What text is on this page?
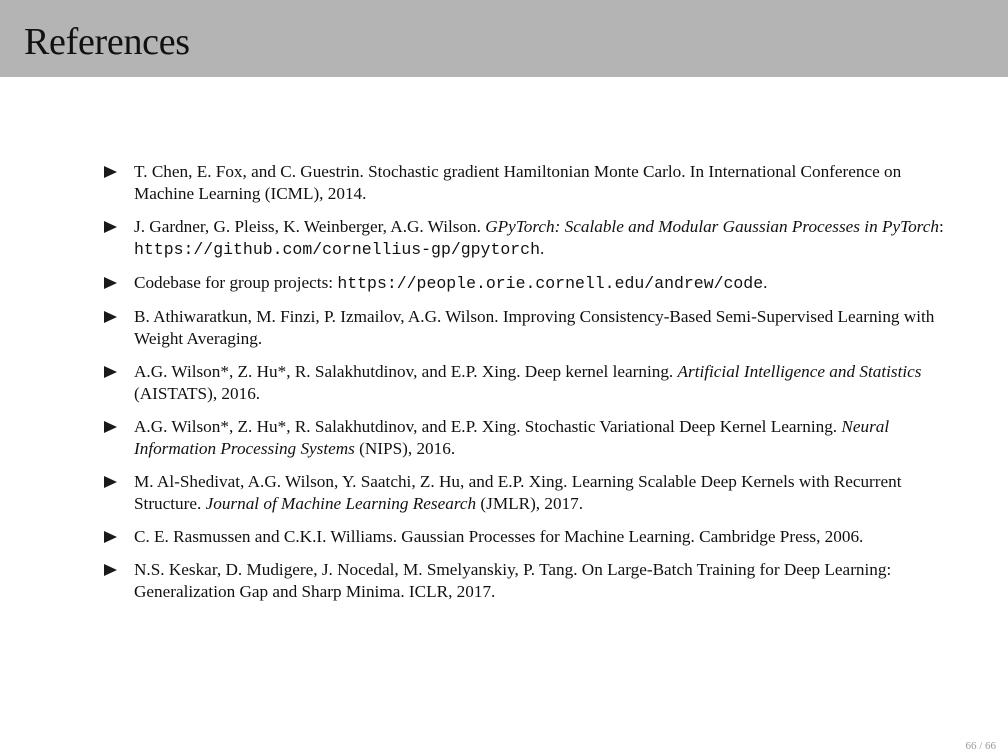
References
T. Chen, E. Fox, and C. Guestrin. Stochastic gradient Hamiltonian Monte Carlo. In International Conference on Machine Learning (ICML), 2014.
J. Gardner, G. Pleiss, K. Weinberger, A.G. Wilson. GPyTorch: Scalable and Modular Gaussian Processes in PyTorch: https://github.com/cornellius-gp/gpytorch.
Codebase for group projects: https://people.orie.cornell.edu/andrew/code.
B. Athiwaratkun, M. Finzi, P. Izmailov, A.G. Wilson. Improving Consistency-Based Semi-Supervised Learning with Weight Averaging.
A.G. Wilson*, Z. Hu*, R. Salakhutdinov, and E.P. Xing. Deep kernel learning. Artificial Intelligence and Statistics (AISTATS), 2016.
A.G. Wilson*, Z. Hu*, R. Salakhutdinov, and E.P. Xing. Stochastic Variational Deep Kernel Learning. Neural Information Processing Systems (NIPS), 2016.
M. Al-Shedivat, A.G. Wilson, Y. Saatchi, Z. Hu, and E.P. Xing. Learning Scalable Deep Kernels with Recurrent Structure. Journal of Machine Learning Research (JMLR), 2017.
C. E. Rasmussen and C.K.I. Williams. Gaussian Processes for Machine Learning. Cambridge Press, 2006.
N.S. Keskar, D. Mudigere, J. Nocedal, M. Smelyanskiy, P. Tang. On Large-Batch Training for Deep Learning: Generalization Gap and Sharp Minima. ICLR, 2017.
66 / 66
